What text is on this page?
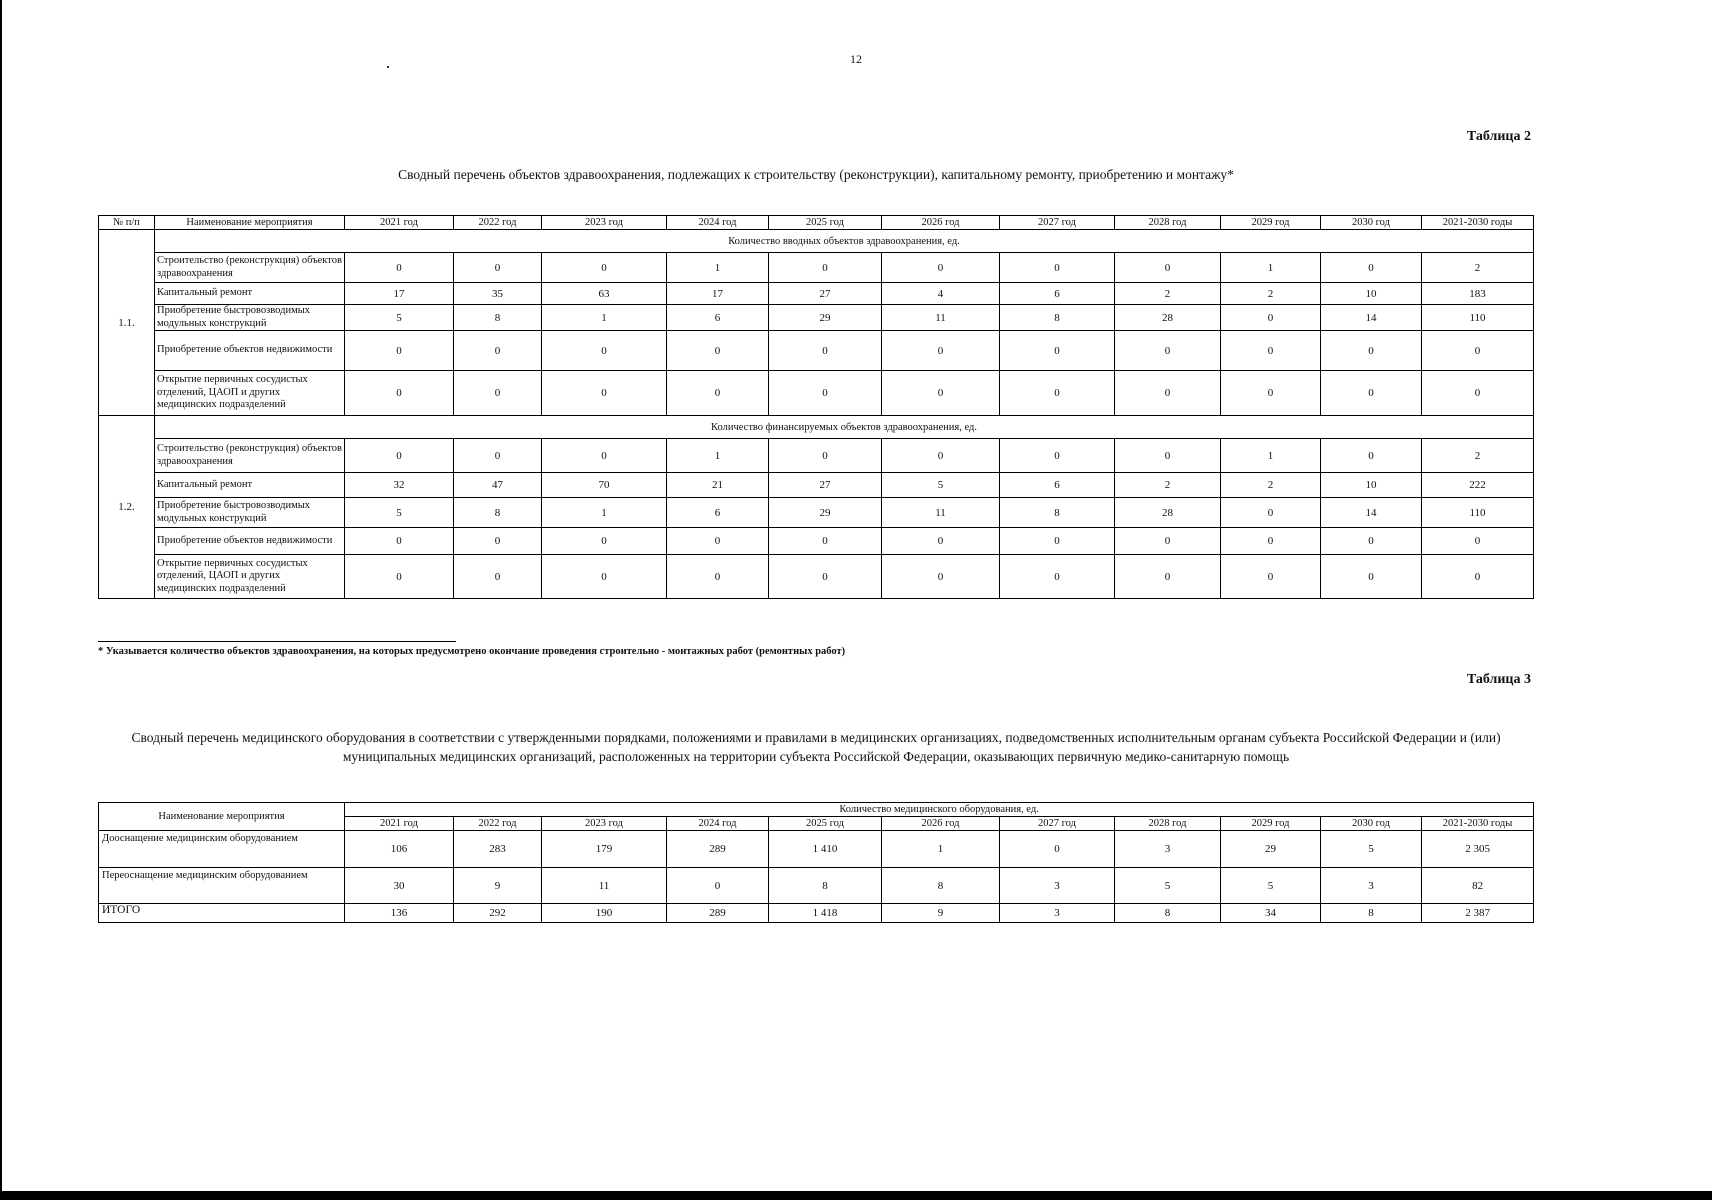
12
Таблица 2
Сводный перечень объектов здравоохранения, подлежащих к строительству (реконструкции), капитальному ремонту, приобретению и монтажу*
№ п/п	Наименование мероприятия	2021 год	2022 год	2023 год	2024 год	2025 год	2026 год	2027 год	2028 год	2029 год	2030 год	2021-2030 годы
1.1.	Количество вводных объектов здравоохранения, ед.											
	Строительство (реконструкция) объектов здравоохранения	0	0	0	1	0	0	0	0	1	0	2
	Капитальный ремонт	17	35	63	17	27	4	6	2	2	10	183
	Приобретение быстровозводимых модульных конструкций	5	8	1	6	29	11	8	28	0	14	110
	Приобретение объектов недвижимости	0	0	0	0	0	0	0	0	0	0	0
	Открытие первичных сосудистых отделений, ЦАОП и других медицинских подразделений	0	0	0	0	0	0	0	0	0	0	0
1.2.	Количество финансируемых объектов здравоохранения, ед.											
	Строительство (реконструкция) объектов здравоохранения	0	0	0	1	0	0	0	0	1	0	2
	Капитальный ремонт	32	47	70	21	27	5	6	2	2	10	222
	Приобретение быстровозводимых модульных конструкций	5	8	1	6	29	11	8	28	0	14	110
	Приобретение объектов недвижимости	0	0	0	0	0	0	0	0	0	0	0
	Открытие первичных сосудистых отделений, ЦАОП и других медицинских подразделений	0	0	0	0	0	0	0	0	0	0	0
* Указывается количество объектов здравоохранения, на которых предусмотрено окончание проведения строительно - монтажных работ (ремонтных работ)
Таблица 3
Сводный перечень медицинского оборудования в соответствии с утвержденными порядками, положениями и правилами в медицинских организациях, подведомственных исполнительным органам субъекта Российской Федерации и (или) муниципальных медицинских организаций, расположенных на территории субъекта Российской Федерации, оказывающих первичную медико-санитарную помощь
Наименование мероприятия	Количество медицинского оборудования, ед.										
	2021 год	2022 год	2023 год	2024 год	2025 год	2026 год	2027 год	2028 год	2029 год	2030 год	2021-2030 годы
Дооснащение медицинским оборудованием	106	283	179	289	1 410	1	0	3	29	5	2 305
Переоснащение медицинским оборудованием	30	9	11	0	8	8	3	5	5	3	82
ИТОГО	136	292	190	289	1 418	9	3	8	34	8	2 387
